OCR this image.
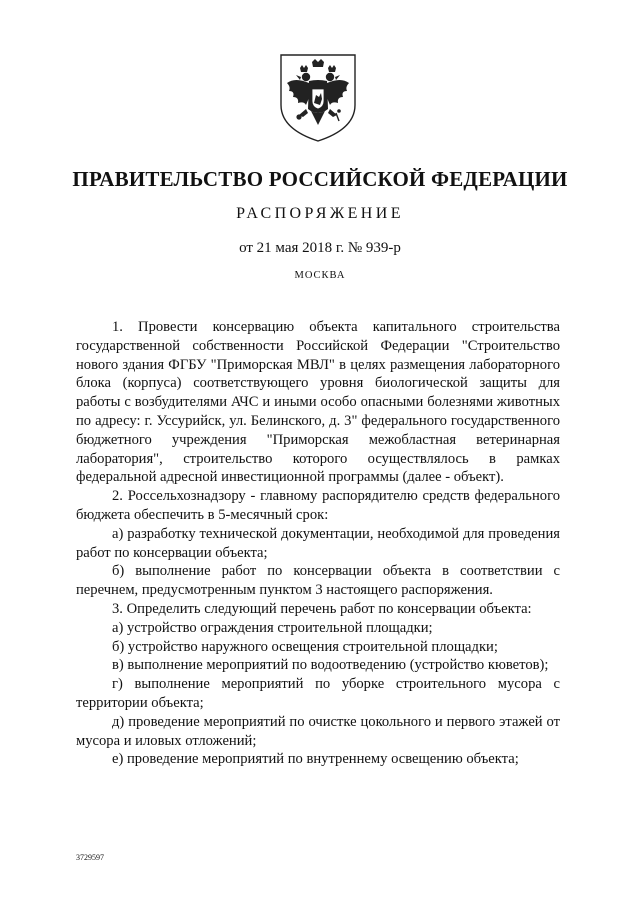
ПРАВИТЕЛЬСТВО РОССИЙСКОЙ ФЕДЕРАЦИИ
РАСПОРЯЖЕНИЕ
от 21 мая 2018 г. № 939-р
МОСКВА

1. Провести консервацию объекта капитального строительства государственной собственности Российской Федерации "Строительство нового здания ФГБУ "Приморская МВЛ" в целях размещения лабораторного блока (корпуса) соответствующего уровня биологической защиты для работы с возбудителями АЧС и иными особо опасными болезнями животных по адресу: г. Уссурийск, ул. Белинского, д. 3" федерального государственного бюджетного учреждения "Приморская межобластная ветеринарная лаборатория", строительство которого осуществлялось в рамках федеральной адресной инвестиционной программы (далее - объект).

2. Россельхознадзору - главному распорядителю средств федерального бюджета обеспечить в 5-месячный срок:

а) разработку технической документации, необходимой для проведения работ по консервации объекта;

б) выполнение работ по консервации объекта в соответствии с перечнем, предусмотренным пунктом 3 настоящего распоряжения.

3. Определить следующий перечень работ по консервации объекта:

а) устройство ограждения строительной площадки;

б) устройство наружного освещения строительной площадки;

в) выполнение мероприятий по водоотведению (устройство кюветов);

г) выполнение мероприятий по уборке строительного мусора с территории объекта;

д) проведение мероприятий по очистке цокольного и первого этажей от мусора и иловых отложений;

е) проведение мероприятий по внутреннему освещению объекта;

3729597
